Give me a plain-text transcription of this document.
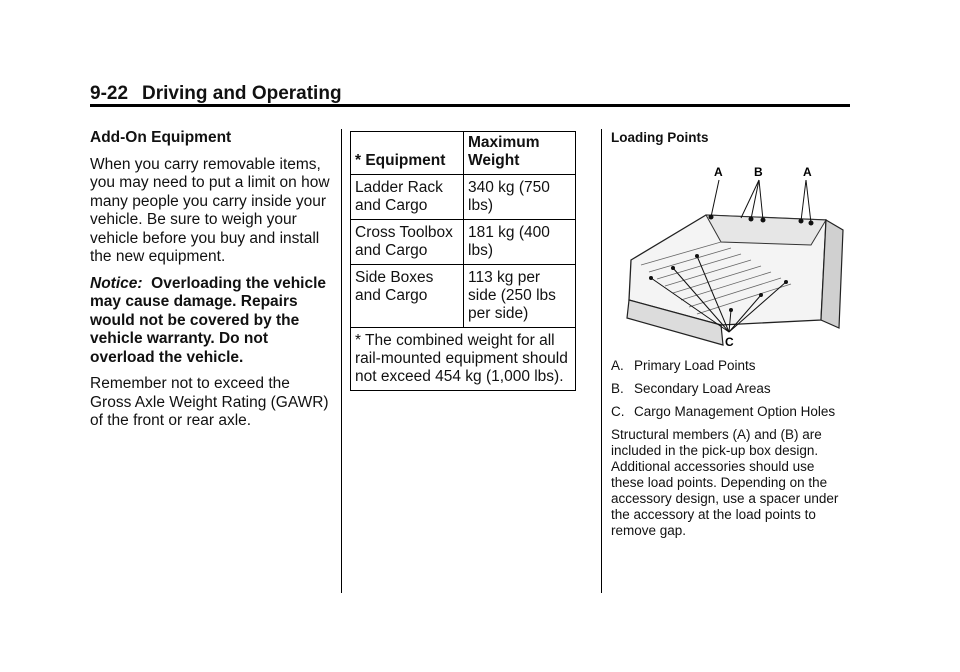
9-22 Driving and Operating
Add-On Equipment

When you carry removable items, you may need to put a limit on how many people you carry inside your vehicle. Be sure to weigh your vehicle before you buy and install the new equipment.

Notice: Overloading the vehicle may cause damage. Repairs would not be covered by the vehicle warranty. Do not overload the vehicle.

Remember not to exceed the Gross Axle Weight Rating (GAWR) of the front or rear axle.

* Equipment	Maximum Weight
Ladder Rack and Cargo	340 kg (750 lbs)
Cross Toolbox and Cargo	181 kg (400 lbs)
Side Boxes and Cargo	113 kg per side (250 lbs per side)
* The combined weight for all rail-mounted equipment should not exceed 454 kg (1,000 lbs).	
Loading Points
A. Primary Load Points
B. Secondary Load Areas
C. Cargo Management Option Holes

Structural members (A) and (B) are included in the pick-up box design. Additional accessories should use these load points. Depending on the accessory design, use a spacer under the accessory at the load points to remove gap.

A	B	A
C
